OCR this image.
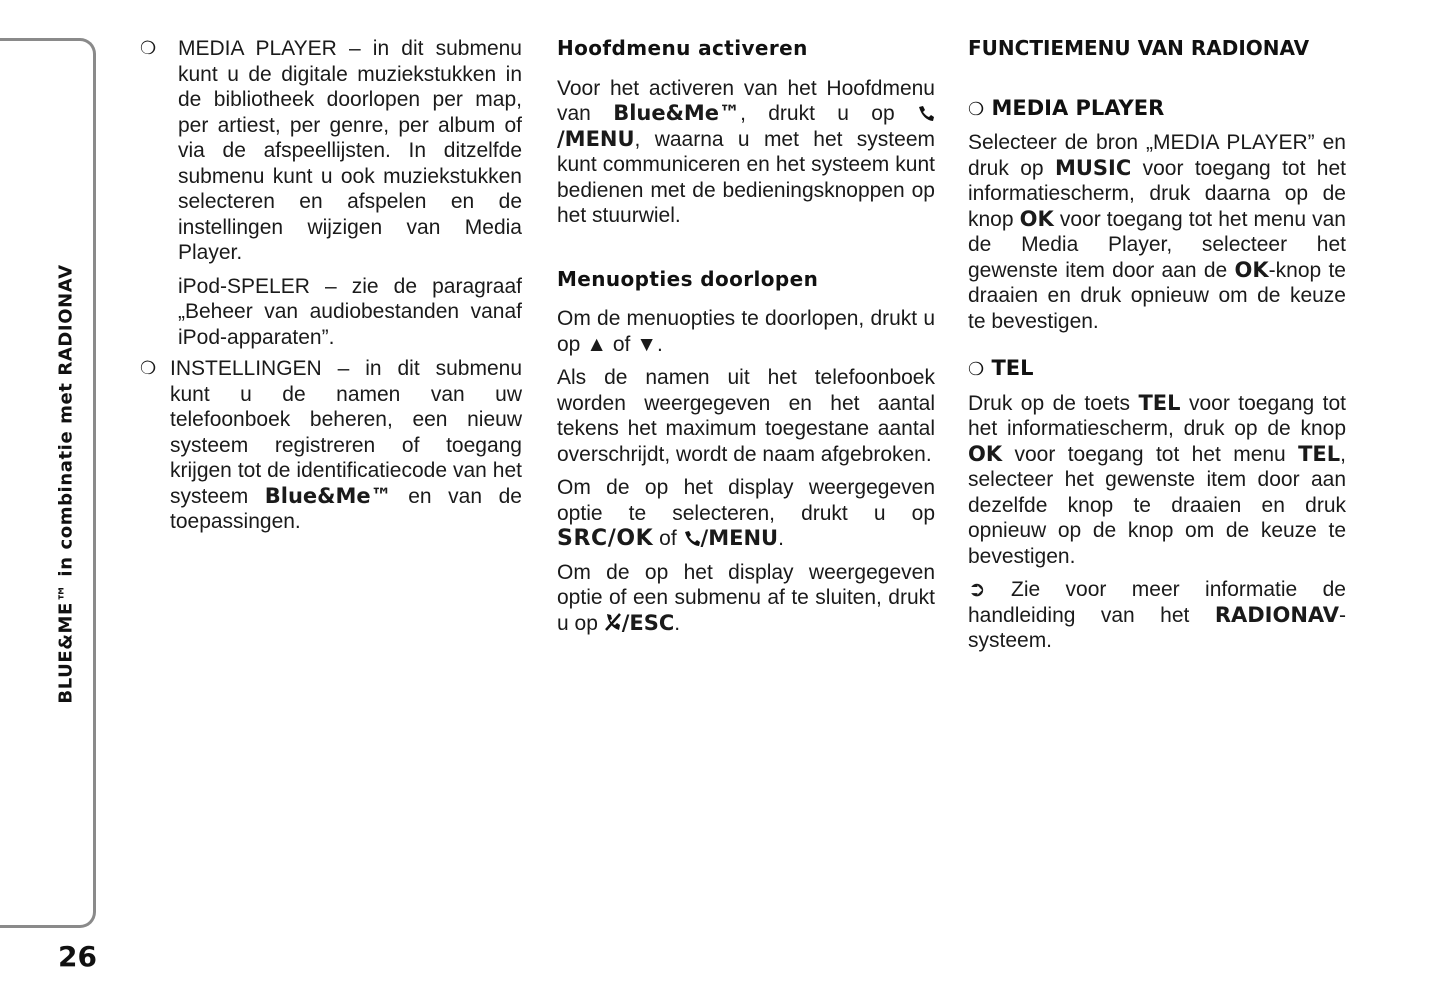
BLUE&ME™ in combinatie met RADIONAV
26
❍ MEDIA PLAYER – in dit submenu kunt u de digitale muziekstukken in de bibliotheek doorlopen per map, per artiest, per genre, per album of via de afspeellijsten. In ditzelfde submenu kunt u ook muziekstukken selecteren en afspelen en de instellingen wijzigen van Media Player.
iPod-SPELER – zie de paragraaf „Beheer van audiobestanden vanaf iPod-apparaten”.
❍ INSTELLINGEN – in dit submenu kunt u de namen van uw telefoonboek beheren, een nieuw systeem registreren of toegang krijgen tot de identificatiecode van het systeem Blue&Me™ en van de toepassingen.
Hoofdmenu activeren

Voor het activeren van het Hoofdmenu van Blue&Me™, drukt u op /MENU, waarna u met het systeem kunt communiceren en het systeem kunt bedienen met de bedieningsknoppen op het stuurwiel.

Menuopties doorlopen

Om de menuopties te doorlopen, drukt u op ▲ of ▼.

Als de namen uit het telefoonboek worden weergegeven en het aantal tekens het maximum toegestane aantal overschrijdt, wordt de naam afgebroken.

Om de op het display weergegeven optie te selecteren, drukt u op SRC/OK of /MENU.

Om de op het display weergegeven optie of een submenu af te sluiten, drukt u op /ESC.

FUNCTIEMENU VAN RADIONAV
❍ MEDIA PLAYER

Selecteer de bron „MEDIA PLAYER” en druk op MUSIC voor toegang tot het informatiescherm, druk daarna op de knop OK voor toegang tot het menu van de Media Player, selecteer het gewenste item door aan de OK-knop te draaien en druk opnieuw om de keuze te bevestigen.

❍ TEL

Druk op de toets TEL voor toegang tot het informatiescherm, druk op de knop OK voor toegang tot het menu TEL, selecteer het gewenste item door aan dezelfde knop te draaien en druk opnieuw op de knop om de keuze te bevestigen.

➲ Zie voor meer informatie de handleiding van het RADIONAV-systeem.
